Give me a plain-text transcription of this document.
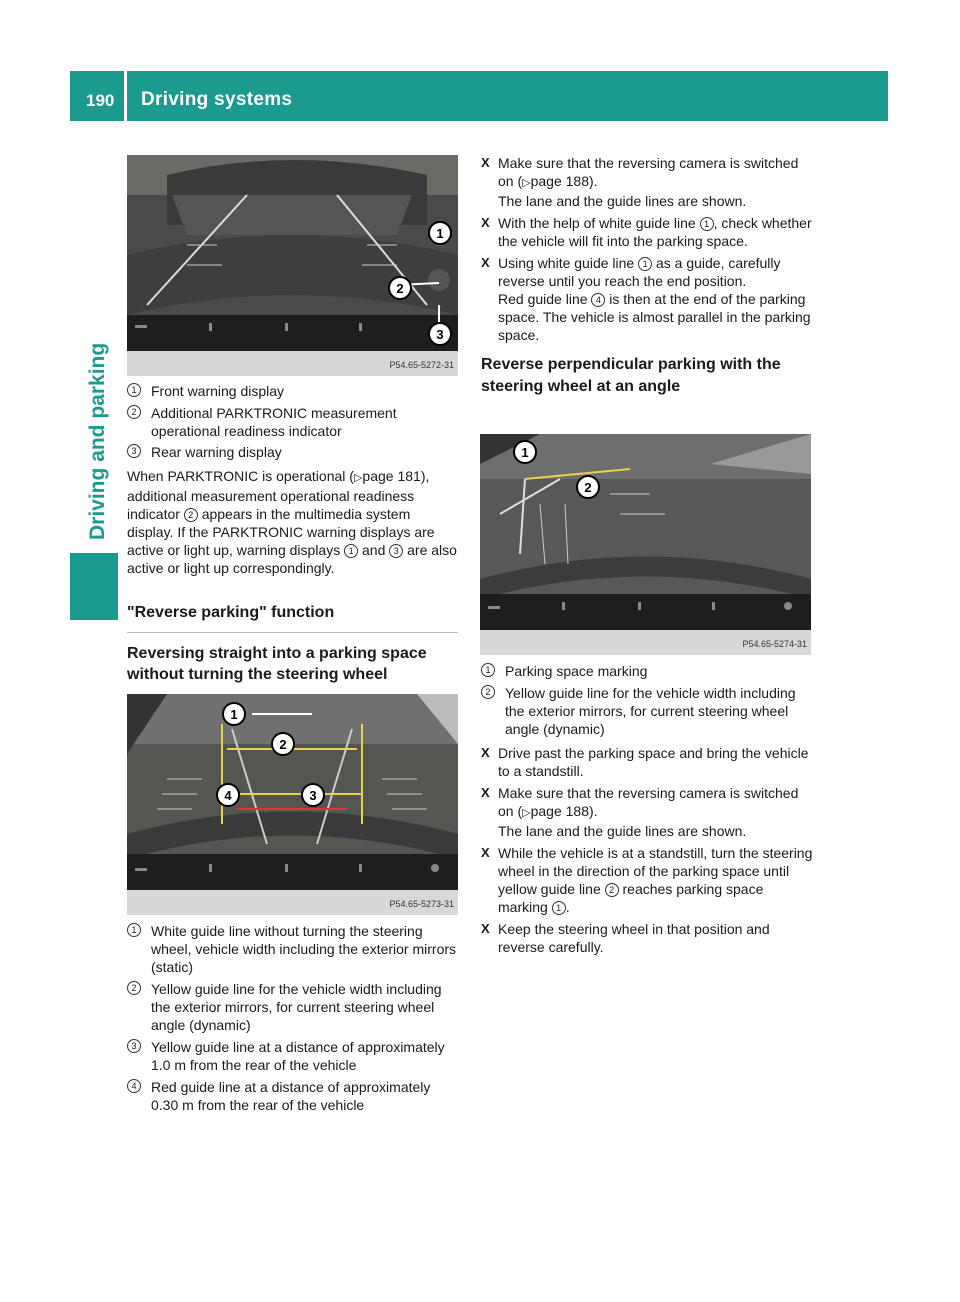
190 Driving systems
Driving and parking
1
2
3
P54.65-5272-31
1	Front warning display
2	Additional PARKTRONIC measurement operational readiness indicator
3	Rear warning display

When PARKTRONIC is operational (▷page 181), additional measurement operational readiness indicator 2 appears in the multimedia system display. If the PARKTRONIC warning displays are active or light up, warning displays 1 and 3 are also active or light up correspondingly.

"Reverse parking" function
Reversing straight into a parking space without turning the steering wheel
1
2
3
4
P54.65-5273-31
1	White guide line without turning the steering wheel, vehicle width including the exterior mirrors (static)
2	Yellow guide line for the vehicle width including the exterior mirrors, for current steering wheel angle (dynamic)
3	Yellow guide line at a distance of approximately 1.0 m from the rear of the vehicle
4	Red guide line at a distance of approximately 0.30 m from the rear of the vehicle
X Make sure that the reversing camera is switched on (▷page 188).
The lane and the guide lines are shown.
X With the help of white guide line 1 , check whether the vehicle will fit into the parking space.
X Using white guide line 1 as a guide, carefully reverse until you reach the end position.
Red guide line 4 is then at the end of the parking space. The vehicle is almost parallel in the parking space.
Reverse perpendicular parking with the steering wheel at an angle
1
2
P54.65-5274-31
1	Parking space marking
2	Yellow guide line for the vehicle width including the exterior mirrors, for current steering wheel angle (dynamic)
X Drive past the parking space and bring the vehicle to a standstill.
X Make sure that the reversing camera is switched on (▷page 188).
The lane and the guide lines are shown.
X While the vehicle is at a standstill, turn the steering wheel in the direction of the parking space until yellow guide line 2 reaches parking space marking 1 .
X Keep the steering wheel in that position and reverse carefully.
